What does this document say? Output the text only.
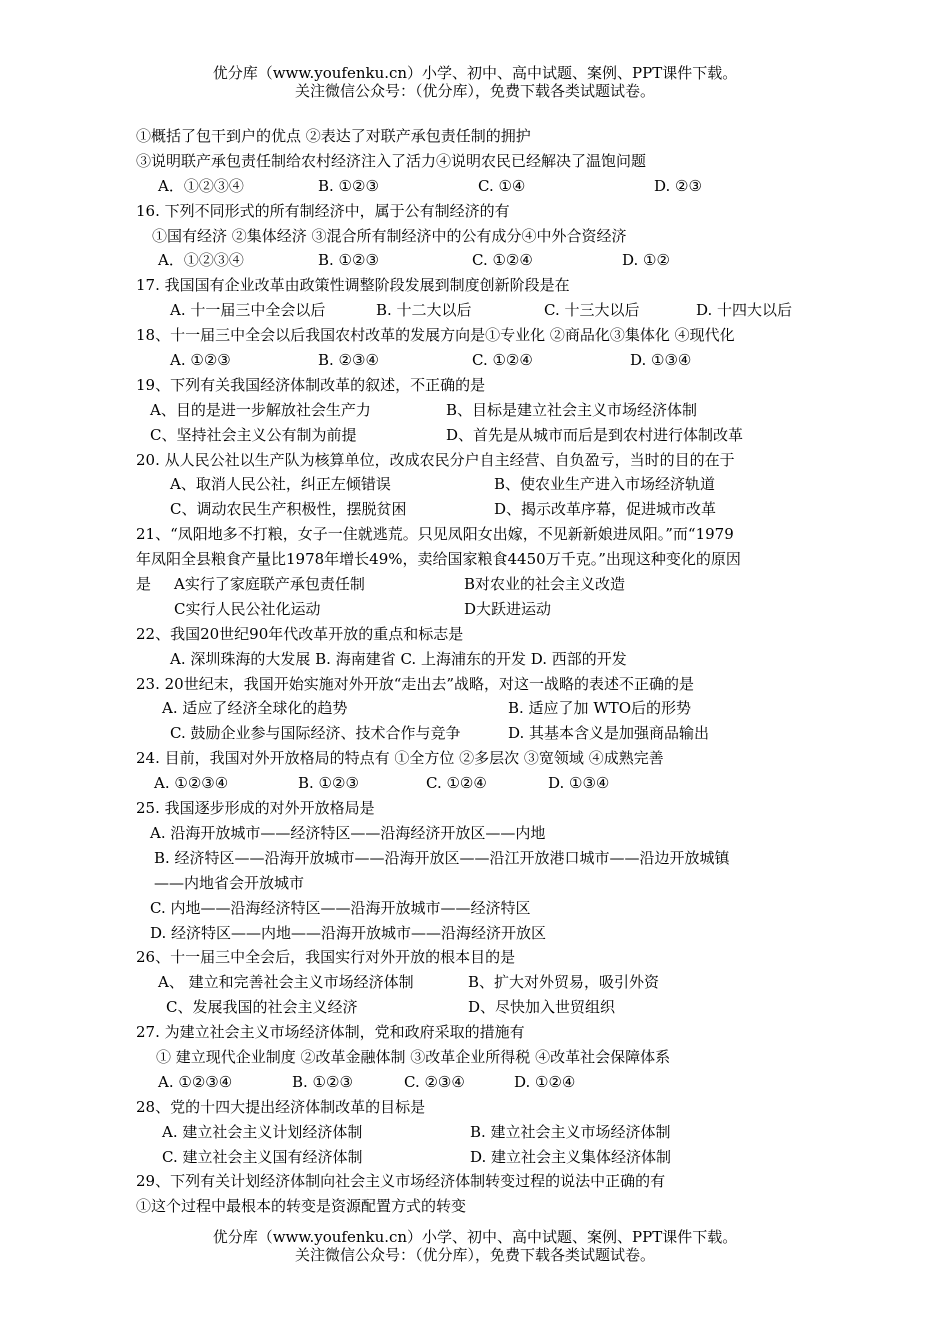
优分库（www.youfenku.cn）小学、初中、高中试题、案例、PPT课件下载。
关注微信公众号：（优分库），免费下载各类试题试卷。
①概括了包干到户的优点 ②表达了对联产承包责任制的拥护
③说明联产承包责任制给农村经济注入了活力④说明农民已经解决了温饱问题
A．①②③④	B. ①②③	C. ①④	D. ②③
16. 下列不同形式的所有制经济中，属于公有制经济的有
①国有经济 ②集体经济 ③混合所有制经济中的公有成分④中外合资经济
A．①②③④	B. ①②③	C. ①②④	D. ①②
17. 我国国有企业改革由政策性调整阶段发展到制度创新阶段是在
A. 十一届三中全会以后	B. 十二大以后	C. 十三大以后	D. 十四大以后
18、十一届三中全会以后我国农村改革的发展方向是①专业化 ②商品化③集体化 ④现代化
A. ①②③	B. ②③④	C. ①②④	D. ①③④
19、下列有关我国经济体制改革的叙述，不正确的是
A、目的是进一步解放社会生产力	B、目标是建立社会主义市场经济体制
C、坚持社会主义公有制为前提	D、首先是从城市而后是到农村进行体制改革
20. 从人民公社以生产队为核算单位，改成农民分户自主经营、自负盈亏，当时的目的在于
A、取消人民公社，纠正左倾错误	B、使农业生产进入市场经济轨道
C、调动农民生产积极性，摆脱贫困	D、揭示改革序幕，促进城市改革
21、“凤阳地多不打粮，女子一住就逃荒。只见凤阳女出嫁，不见新新娘进凤阳。”而“1979
年凤阳全县粮食产量比1978年增长49%，卖给国家粮食4450万千克。”出现这种变化的原因
是 A实行了家庭联产承包责任制	B对农业的社会主义改造
C实行人民公社化运动	D大跃进运动
22、我国20世纪90年代改革开放的重点和标志是
A. 深圳珠海的大发展 B. 海南建省 C. 上海浦东的开发 D. 西部的开发
23. 20世纪末，我国开始实施对外开放“走出去”战略，对这一战略的表述不正确的是
A. 适应了经济全球化的趋势	B. 适应了加 WTO后的形势
C. 鼓励企业参与国际经济、技术合作与竞争	D. 其基本含义是加强商品输出
24. 目前，我国对外开放格局的特点有 ①全方位 ②多层次 ③宽领域 ④成熟完善
A. ①②③④	B. ①②③	C. ①②④	D. ①③④
25. 我国逐步形成的对外开放格局是
A. 沿海开放城市——经济特区——沿海经济开放区——内地
B. 经济特区——沿海开放城市——沿海开放区——沿江开放港口城市——沿边开放城镇
——内地省会开放城市
C. 内地——沿海经济特区——沿海开放城市——经济特区
D. 经济特区——内地——沿海开放城市——沿海经济开放区
26、十一届三中全会后，我国实行对外开放的根本目的是
A、 建立和完善社会主义市场经济体制	B、扩大对外贸易，吸引外资
C、发展我国的社会主义经济	D、尽快加入世贸组织
27. 为建立社会主义市场经济体制，党和政府采取的措施有
① 建立现代企业制度 ②改革金融体制 ③改革企业所得税 ④改革社会保障体系
A. ①②③④	B. ①②③	C. ②③④	D. ①②④
28、党的十四大提出经济体制改革的目标是
A. 建立社会主义计划经济体制	B. 建立社会主义市场经济体制
C. 建立社会主义国有经济体制	D. 建立社会主义集体经济体制
29、下列有关计划经济体制向社会主义市场经济体制转变过程的说法中正确的有
①这个过程中最根本的转变是资源配置方式的转变
优分库（www.youfenku.cn）小学、初中、高中试题、案例、PPT课件下载。
关注微信公众号：（优分库），免费下载各类试题试卷。
